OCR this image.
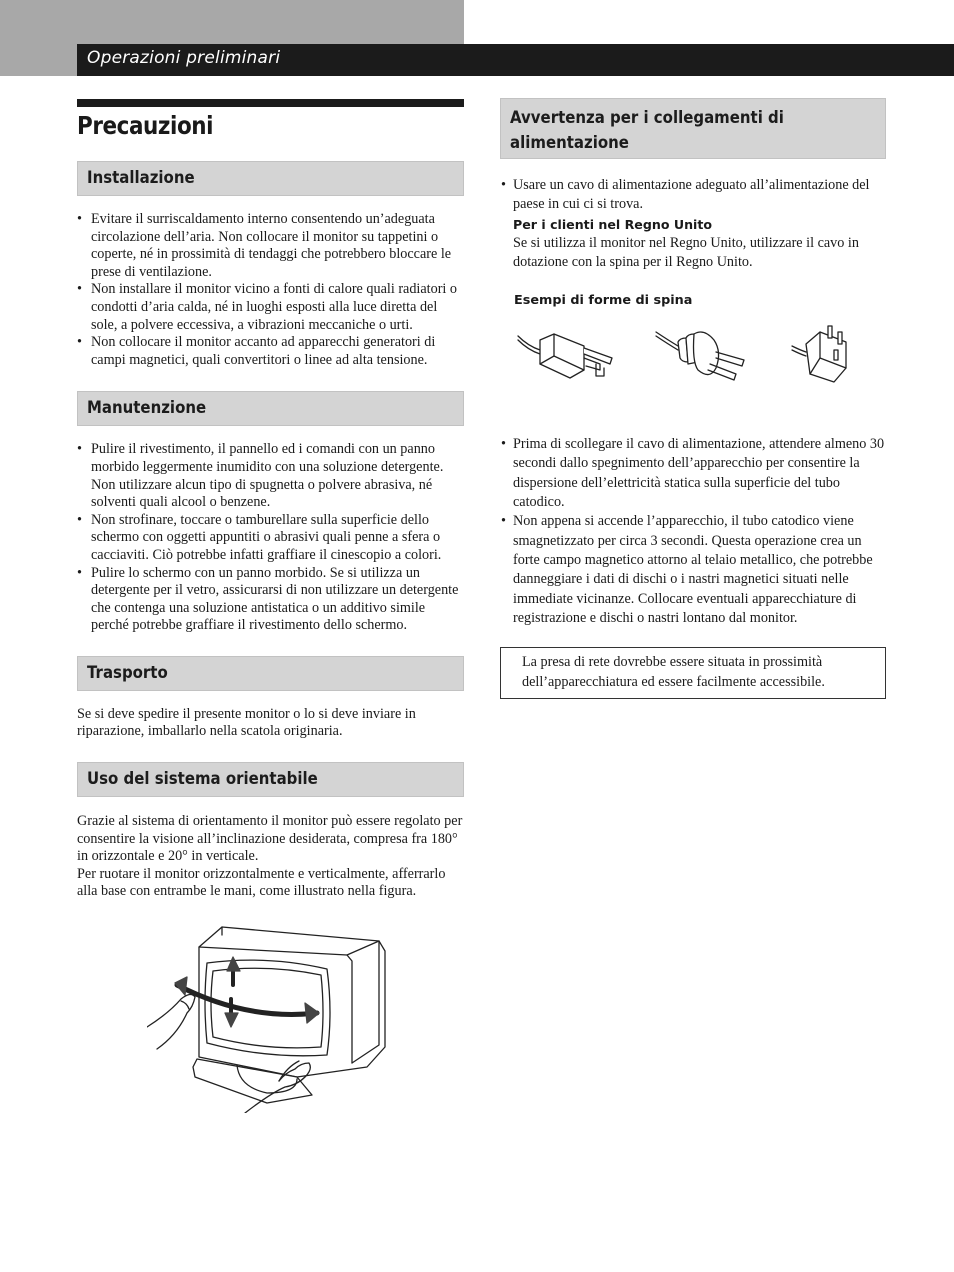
Operazioni preliminari
Precauzioni
Installazione
• Evitare il surriscaldamento interno consentendo un’adeguata circolazione dell’aria. Non collocare il monitor su tappetini o coperte, né in prossimità di tendaggi che potrebbero bloccare le prese di ventilazione.
• Non installare il monitor vicino a fonti di calore quali radiatori o condotti d’aria calda, né in luoghi esposti alla luce diretta del sole, a polvere eccessiva, a vibrazioni meccaniche o urti.
• Non collocare il monitor accanto ad apparecchi generatori di campi magnetici, quali convertitori o linee ad alta tensione.
Manutenzione
• Pulire il rivestimento, il pannello ed i comandi con un panno morbido leggermente inumidito con una soluzione detergente. Non utilizzare alcun tipo di spugnetta o polvere abrasiva, né solventi quali alcool o benzene.
• Non strofinare, toccare o tamburellare sulla superficie dello schermo con oggetti appuntiti o abrasivi quali penne a sfera o cacciaviti. Ciò potrebbe infatti graffiare il cinescopio a colori.
• Pulire lo schermo con un panno morbido. Se si utilizza un detergente per il vetro, assicurarsi di non utilizzare un detergente che contenga una soluzione antistatica o un additivo simile perché potrebbe graffiare il rivestimento dello schermo.
Trasporto

Se si deve spedire il presente monitor o lo si deve inviare in riparazione, imballarlo nella scatola originaria.

Uso del sistema orientabile

Grazie al sistema di orientamento il monitor può essere regolato per consentire la visione all’inclinazione desiderata, compresa fra 180° in orizzontale e 20° in verticale.

Per ruotare il monitor orizzontalmente e verticalmente, afferrarlo alla base con entrambe le mani, come illustrato nella figura.

Avvertenza per i collegamenti di alimentazione
• Usare un cavo di alimentazione adeguato all’alimentazione del paese in cui ci si trova.
Per i clienti nel Regno Unito
Se si utilizza il monitor nel Regno Unito, utilizzare il cavo in dotazione con la spina per il Regno Unito.
Esempi di forme di spina
• Prima di scollegare il cavo di alimentazione, attendere almeno 30 secondi dallo spegnimento dell’apparecchio per consentire la dispersione dell’elettricità statica sulla superficie del tubo catodico.
• Non appena si accende l’apparecchio, il tubo catodico viene smagnetizzato per circa 3 secondi. Questa operazione crea un forte campo magnetico attorno al telaio metallico, che potrebbe danneggiare i dati di dischi o i nastri magnetici situati nelle immediate vicinanze. Collocare eventuali apparecchiature di registrazione e dischi o nastri lontano dal monitor.
La presa di rete dovrebbe essere situata in prossimità dell’apparecchiatura ed essere facilmente accessibile.
